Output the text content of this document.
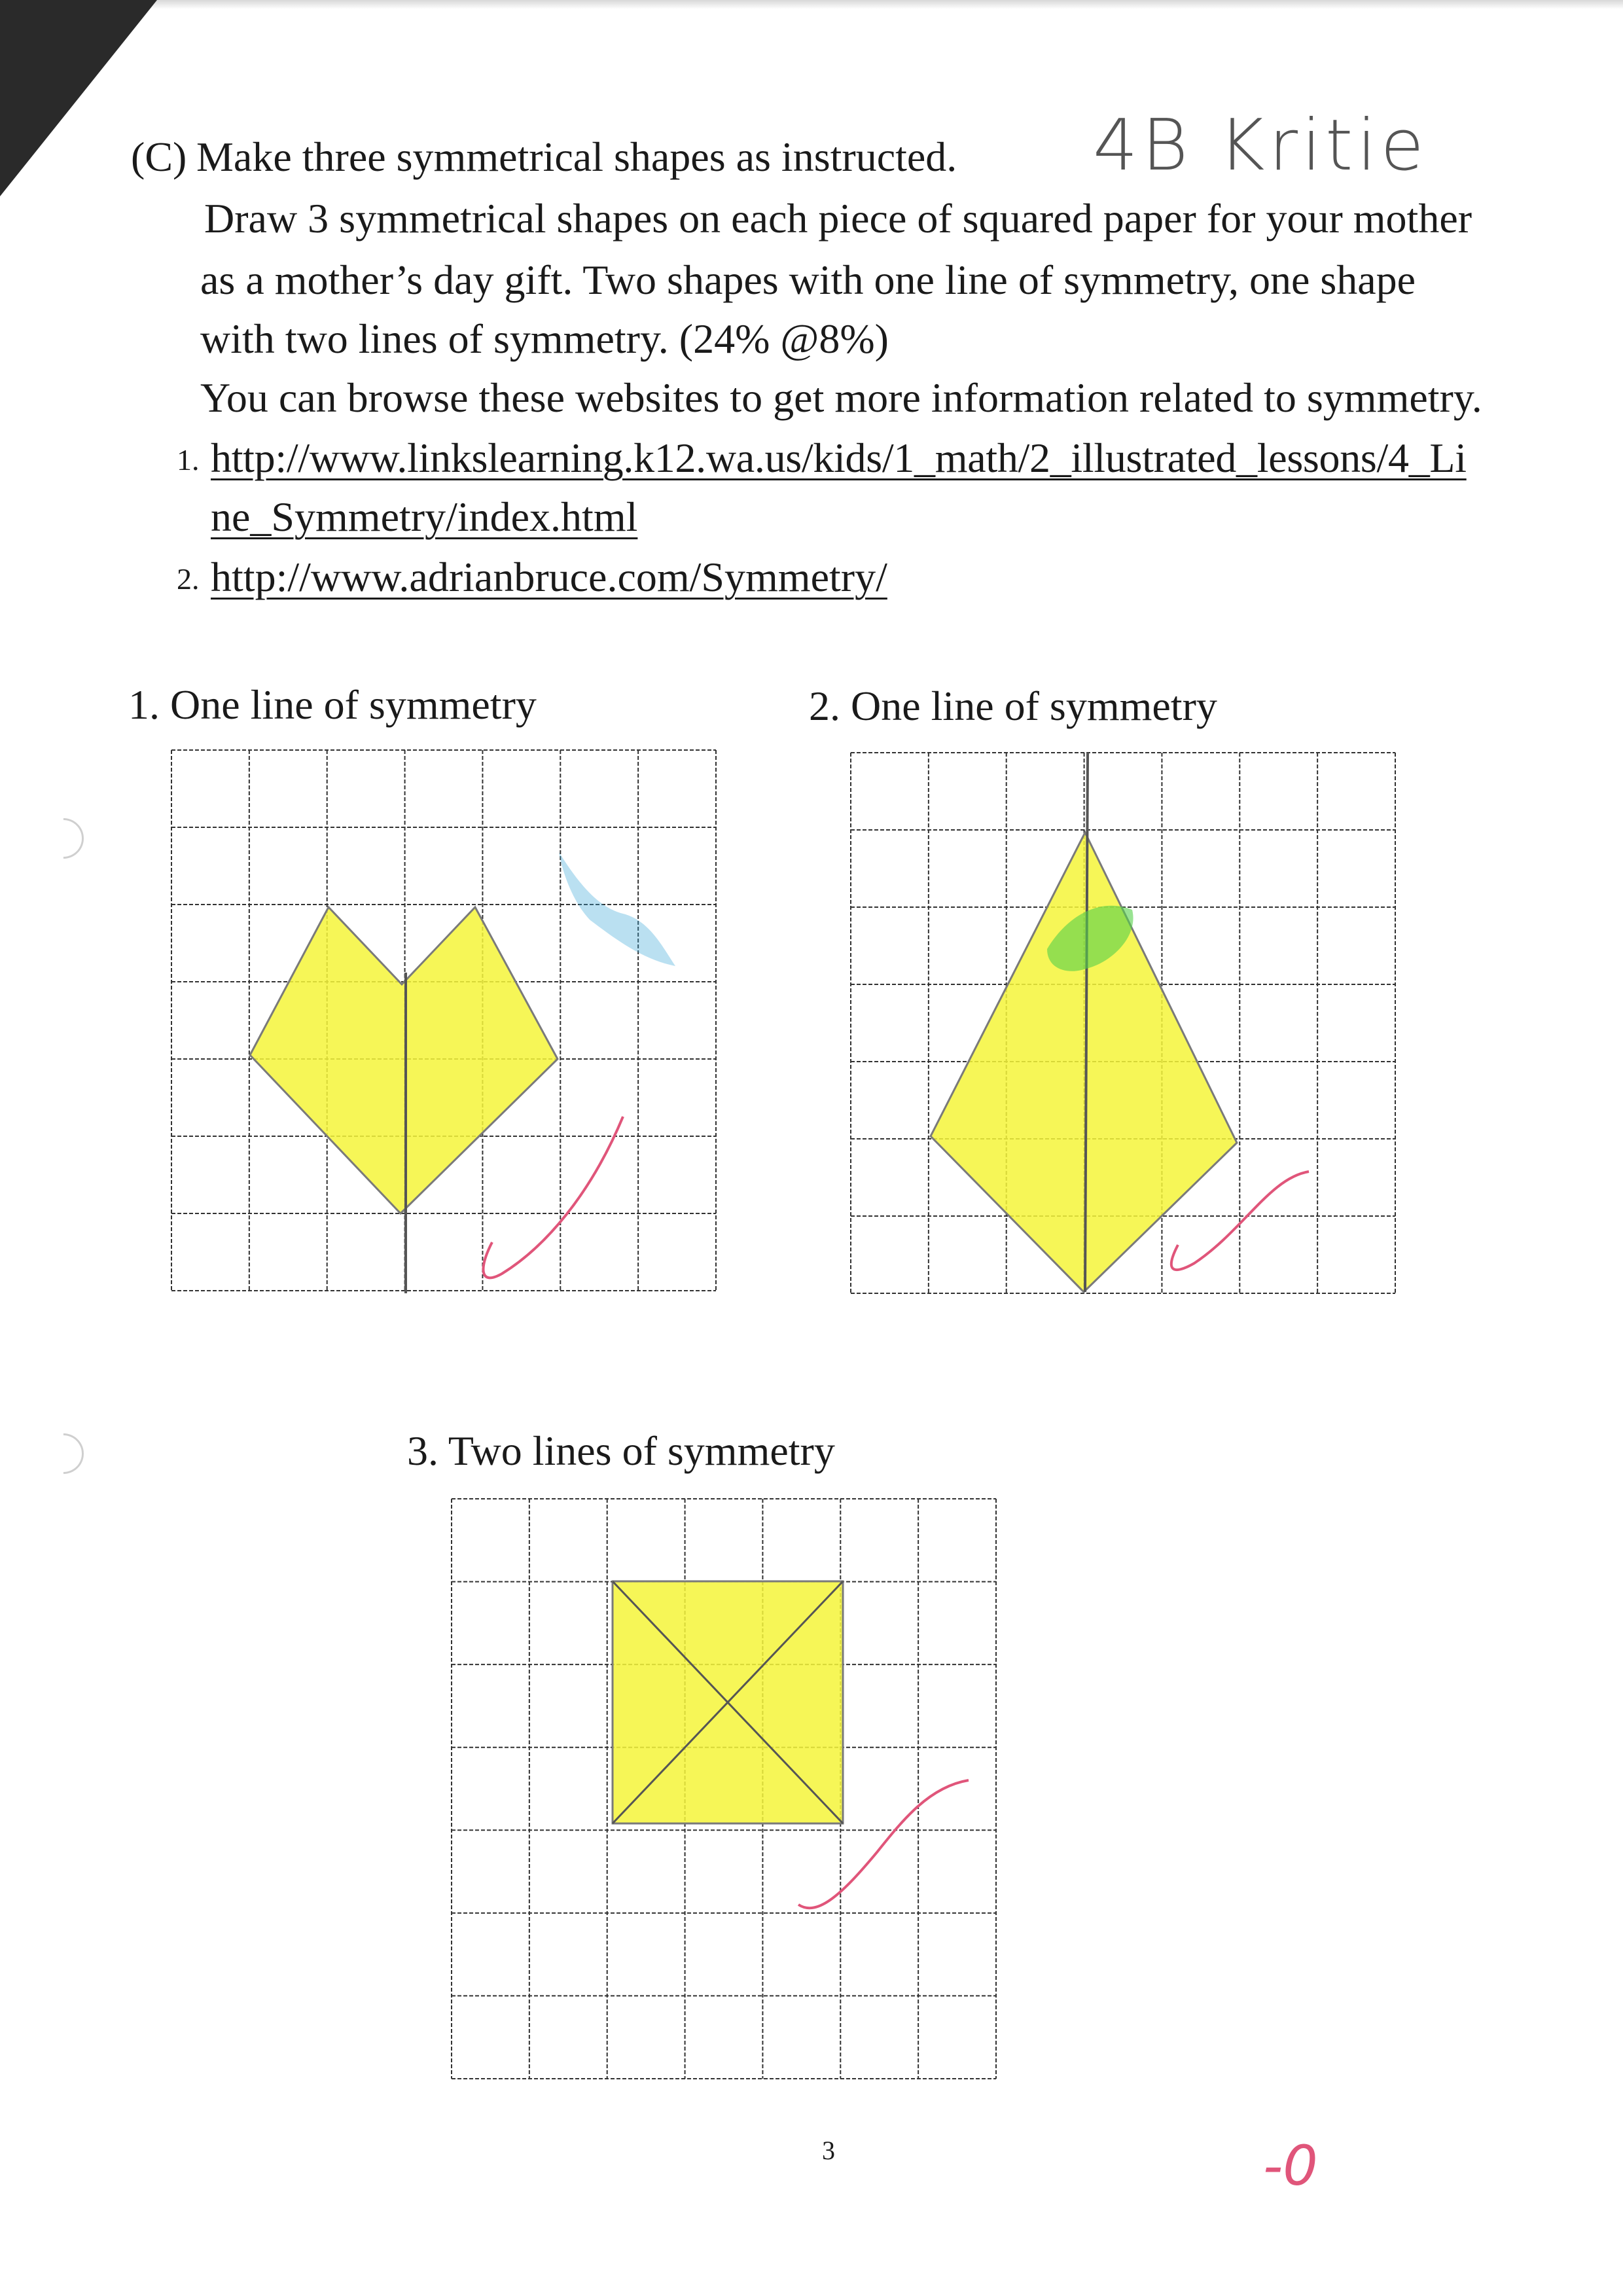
(C) Make three symmetrical shapes as instructed. 4B Kritie
Draw 3 symmetrical shapes on each piece of squared paper for your mother
as a mother’s day gift. Two shapes with one line of symmetry, one shape
with two lines of symmetry. (24% @8%)
You can browse these websites to get more information related to symmetry.
1. http://www.linkslearning.k12.wa.us/kids/1_math/2_illustrated_lessons/4_Li
ne_Symmetry/index.html
2. http://www.adrianbruce.com/Symmetry/
1. One line of symmetry	2. One line of symmetry
3. Two lines of symmetry
3	-0
